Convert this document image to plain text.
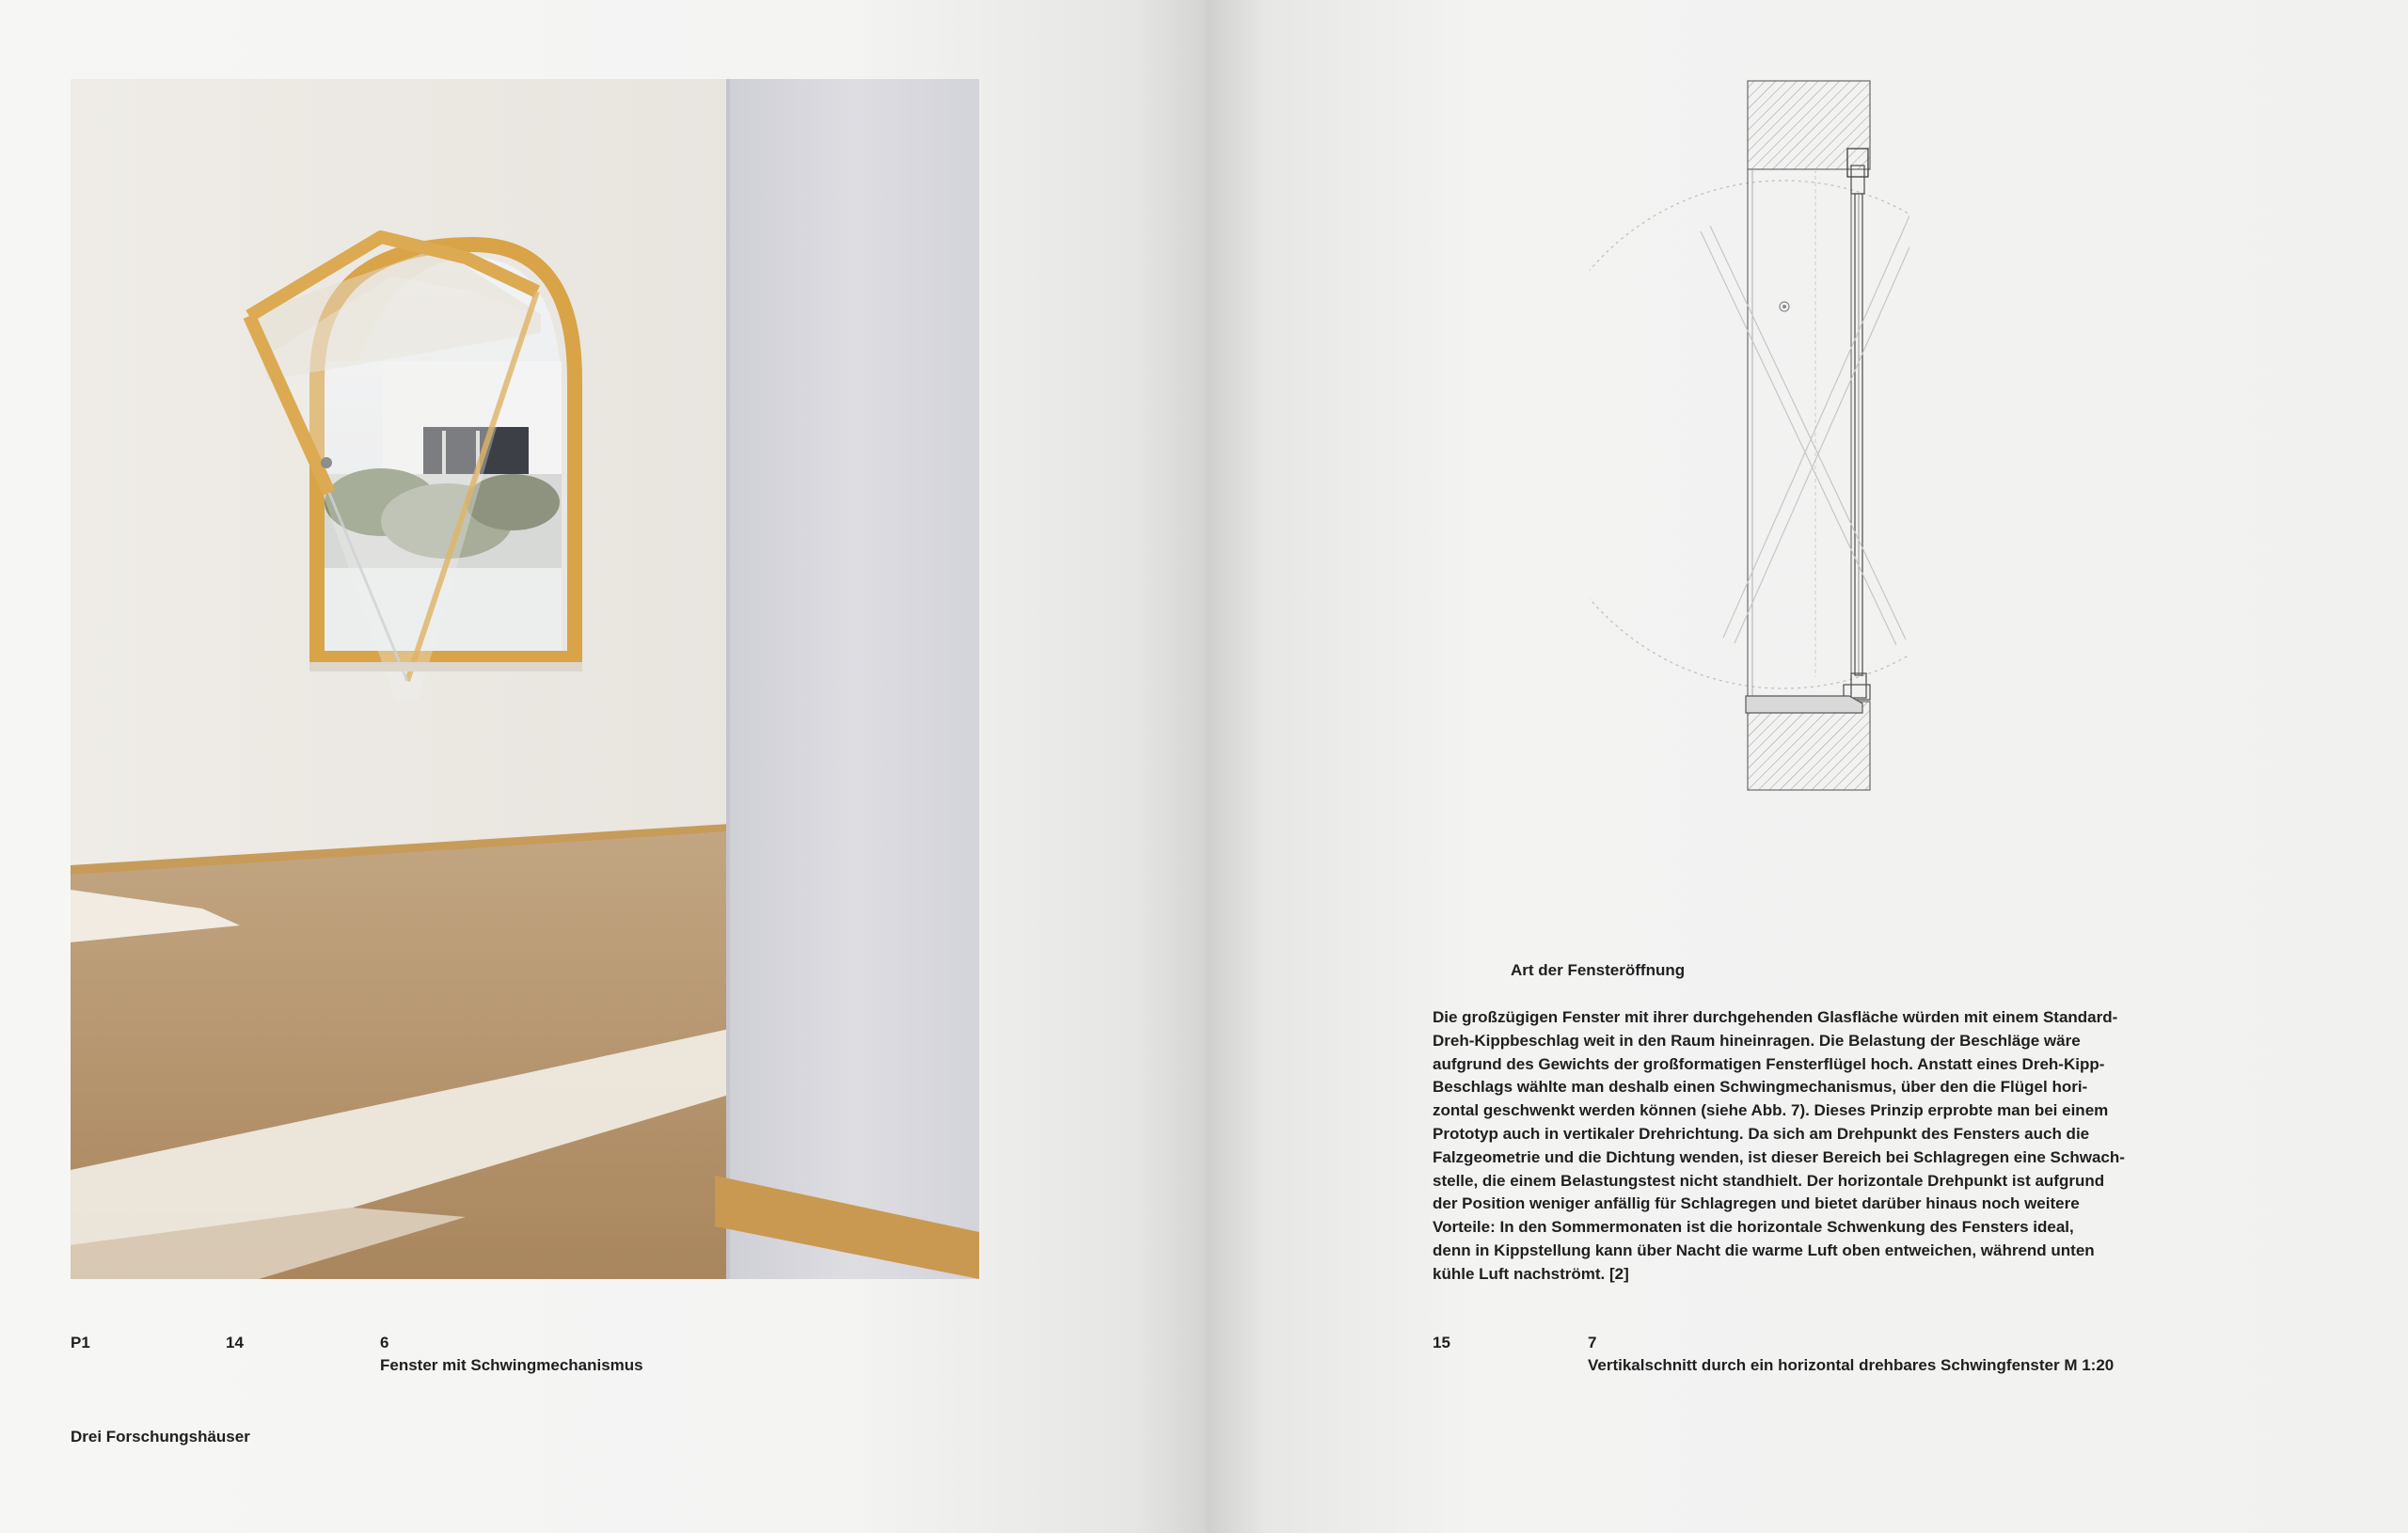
P1	14	6
Fenster mit Schwingmechanismus
Drei Forschungshäuser
Art der Fensteröffnung
Die großzügigen Fenster mit ihrer durchgehenden Glasfläche würden mit einem Standard-
Dreh-Kippbeschlag weit in den Raum hineinragen. Die Belastung der Beschläge wäre
aufgrund des Gewichts der großformatigen Fensterflügel hoch. Anstatt eines Dreh-Kipp-
Beschlags wählte man deshalb einen Schwingmechanismus, über den die Flügel hori-
zontal geschwenkt werden können (siehe Abb. 7). Dieses Prinzip erprobte man bei einem
Prototyp auch in vertikaler Drehrichtung. Da sich am Drehpunkt des Fensters auch die
Falzgeometrie und die Dichtung wenden, ist dieser Bereich bei Schlagregen eine Schwach-
stelle, die einem Belastungstest nicht standhielt. Der horizontale Drehpunkt ist aufgrund
der Position weniger anfällig für Schlagregen und bietet darüber hinaus noch weitere
Vorteile: In den Sommermonaten ist die horizontale Schwenkung des Fensters ideal,
denn in Kippstellung kann über Nacht die warme Luft oben entweichen, während unten
kühle Luft nachströmt. [2]
15	7
Vertikalschnitt durch ein horizontal drehbares Schwingfenster M 1:20
